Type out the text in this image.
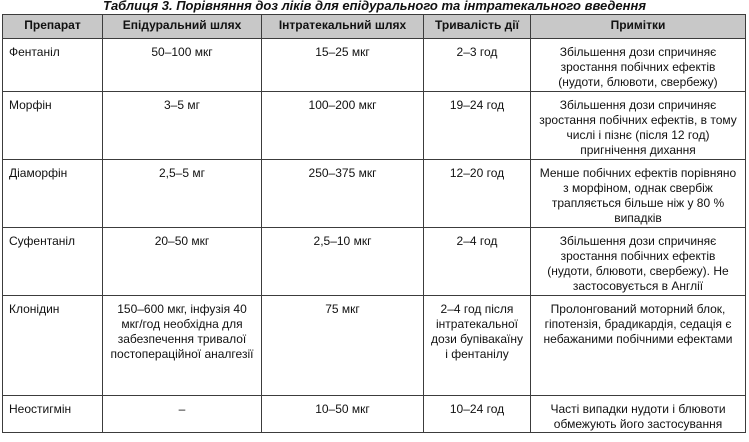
Таблиця 3. Порівняння доз ліків для епідурального та інтратекального введення
Препарат	Епідуральний шлях	Інтратекальний шлях	Тривалість дії	Примітки
Фентаніл	50–100 мкг	15–25 мкг	2–3 год	Збільшення дози спричиняє зростання побічних ефектів (нудоти, блювоти, свербежу)
Морфін	3–5 мг	100–200 мкг	19–24 год	Збільшення дози спричиняє зростання побічних ефектів, в тому числі і пізнє (після 12 год) пригнічення дихання
Діаморфін	2,5–5 мг	250–375 мкг	12–20 год	Менше побічних ефектів порівняно з морфіном, однак свербіж трапляється більше ніж у 80 % випадків
Суфентаніл	20–50 мкг	2,5–10 мкг	2–4 год	Збільшення дози спричиняє зростання побічних ефектів (нудоти, блювоти, свербежу). Не застосовується в Англії
Клонідин	150–600 мкг, інфузія 40 мкг/год необхідна для забезпечення тривалої постопераційної аналгезії	75 мкг	2–4 год після інтратекальної дози бупівакаїну і фентанілу	Пролонгований моторний блок, гіпотензія, брадикардія, седація є небажаними побічними ефектами
Неостигмін	–	10–50 мкг	10–24 год	Часті випадки нудоти і блювоти обмежують його застосування
